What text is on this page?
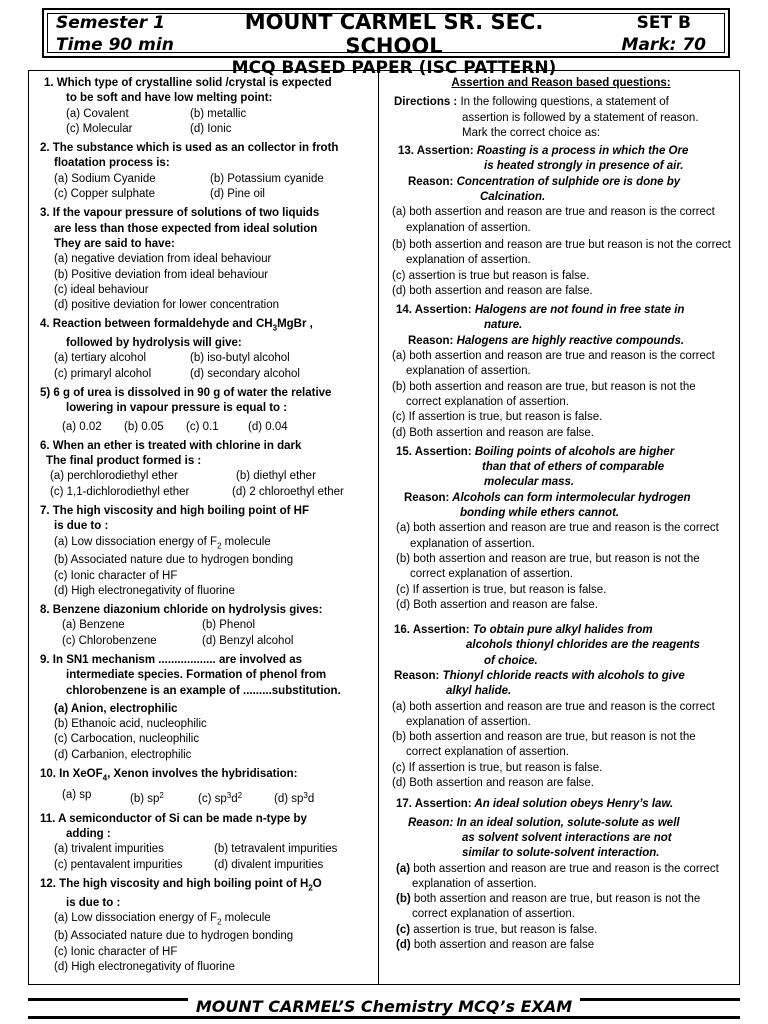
Semester 1
Time 90 min
MOUNT CARMEL SR. SEC. SCHOOL
MCQ BASED PAPER (ISC PATTERN)
SET B
Mark: 70
1. Which type of crystalline solid /crystal is expected
to be soft and have low melting point:
(a) Covalent	(b) metallic
(c) Molecular	(d) Ionic
2. The substance which is used as an collector in froth
floatation process is:
(a) Sodium Cyanide	(b) Potassium cyanide
(c) Copper sulphate	(d) Pine oil
3. If the vapour pressure of solutions of two liquids
are less than those expected from ideal solution
They are said to have:
(a) negative deviation from ideal behaviour
(b) Positive deviation from ideal behaviour
(c) ideal behaviour
(d) positive deviation for lower concentration
4. Reaction between formaldehyde and $CH_3MgBr$ ,
followed by hydrolysis will give:
(a) tertiary alcohol	(b) iso-butyl alcohol
(c) primaryl alcohol	(d) secondary alcohol
5) 6 g of urea is dissolved in 90 g of water the relative
lowering in vapour pressure is equal to :
(a) 0.02	(b) 0.05	(c) 0.1	(d) 0.04
6. When an ether is treated with chlorine in dark
The final product formed is :
(a) perchlorodiethyl ether	(b) diethyl ether
(c) 1,1-dichlorodiethyl ether	(d) 2 chloroethyl ether
7. The high viscosity and high boiling point of HF
is due to :
(a) Low dissociation energy of $F_2$ molecule
(b) Associated nature due to hydrogen bonding
(c) Ionic character of HF
(d) High electronegativity of fluorine
8. Benzene diazonium chloride on hydrolysis gives:
(a) Benzene	(b) Phenol
(c) Chlorobenzene	(d) Benzyl alcohol
9. In SN1 mechanism .................. are involved as
intermediate species. Formation of phenol from
chlorobenzene is an example of .........substitution.
(a) Anion, electrophilic
(b) Ethanoic acid, nucleophilic
(c) Carbocation, nucleophilic
(d) Carbanion, electrophilic
10. In XeOF$_4$, Xenon involves the hybridisation:
(a) sp	(b) $sp^2$	(c) $sp^3d^2$	(d) $sp^3d$
11. A semiconductor of Si can be made n-type by
adding :
(a) trivalent impurities	(b) tetravalent impurities
(c) pentavalent impurities	(d) divalent impurities
12. The high viscosity and high boiling point of $H_2O$
is due to :
(a) Low dissociation energy of $F_2$ molecule
(b) Associated nature due to hydrogen bonding
(c) Ionic character of HF
(d) High electronegativity of fluorine
Assertion and Reason based questions:
Directions : In the following questions, a statement of
assertion is followed by a statement of reason.
Mark the correct choice as:
13. Assertion: Roasting is a process in which the Ore
is heated strongly in presence of air.
Reason: Concentration of sulphide ore is done by
Calcination.
(a) both assertion and reason are true and reason is the correct explanation of assertion.
(b) both assertion and reason are true but reason is not the correct explanation of assertion.
(c) assertion is true but reason is false.
(d) both assertion and reason are false.
14. Assertion: Halogens are not found in free state in
nature.
Reason: Halogens are highly reactive compounds.
(a) both assertion and reason are true and reason is the correct explanation of assertion.
(b) both assertion and reason are true, but reason is not the correct explanation of assertion.
(c) If assertion is true, but reason is false.
(d) Both assertion and reason are false.
15. Assertion: Boiling points of alcohols are higher
than that of ethers of comparable
molecular mass.
Reason: Alcohols can form intermolecular hydrogen
bonding while ethers cannot.
(a) both assertion and reason are true and reason is the correct explanation of assertion.
(b) both assertion and reason are true, but reason is not the correct explanation of assertion.
(c) If assertion is true, but reason is false.
(d) Both assertion and reason are false.
16. Assertion: To obtain pure alkyl halides from
alcohols thionyl chlorides are the reagents
of choice.
Reason: Thionyl chloride reacts with alcohols to give
alkyl halide.
(a) both assertion and reason are true and reason is the correct explanation of assertion.
(b) both assertion and reason are true, but reason is not the correct explanation of assertion.
(c) If assertion is true, but reason is false.
(d) Both assertion and reason are false.
17. Assertion: An ideal solution obeys Henry’s law.
Reason: In an ideal solution, solute-solute as well
as solvent solvent interactions are not
similar to solute-solvent interaction.
(a) both assertion and reason are true and reason is the correct explanation of assertion.
(b) both assertion and reason are true, but reason is not the correct explanation of assertion.
(c) assertion is true, but reason is false.
(d) both assertion and reason are false
MOUNT CARMEL’S Chemistry MCQ’s EXAM
